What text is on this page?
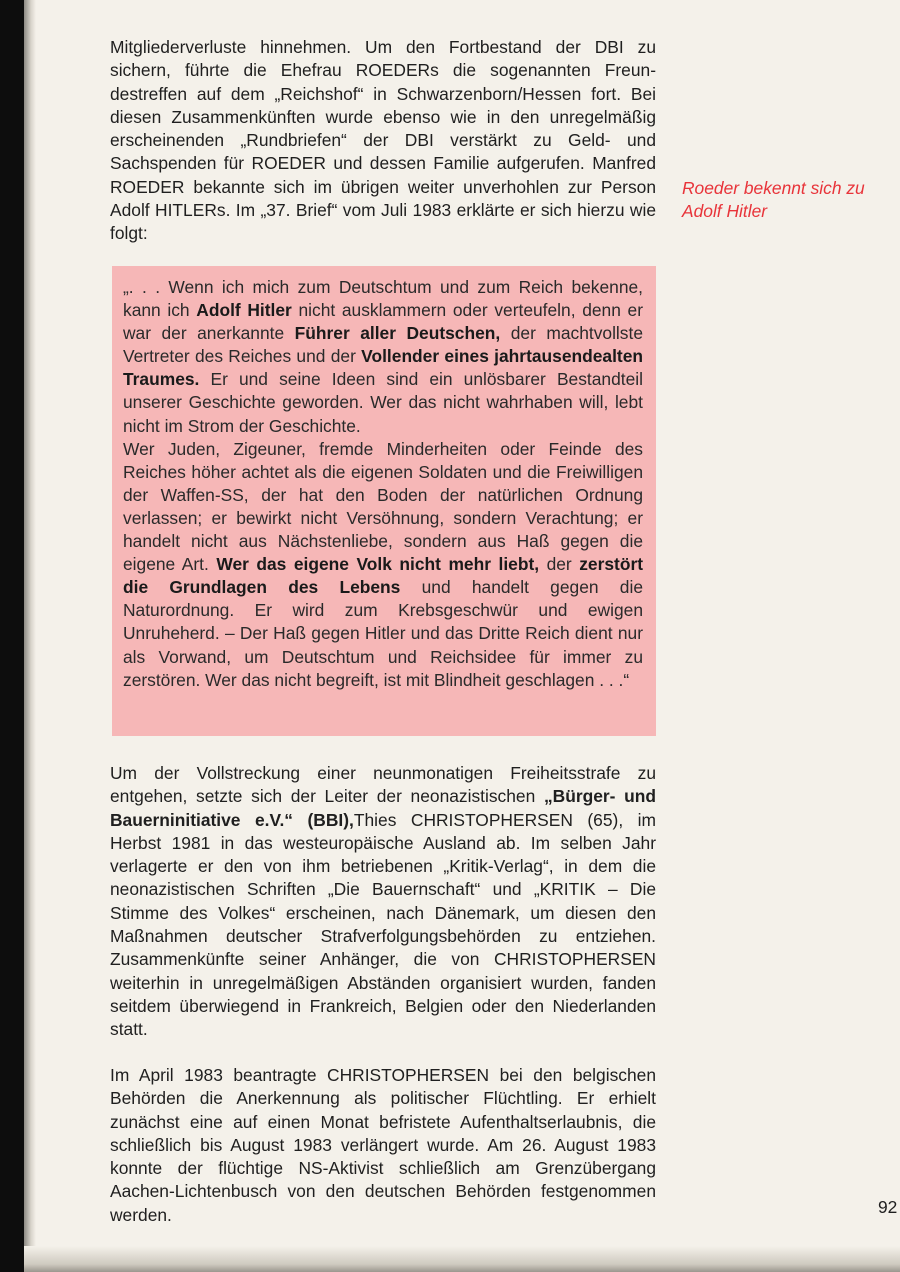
Mitgliederverluste hinnehmen. Um den Fortbestand der DBI zu sichern, führte die Ehefrau ROEDERs die sogenannten Freundestreffen auf dem „Reichshof“ in Schwarzenborn/Hessen fort. Bei diesen Zusammenkünften wurde ebenso wie in den unregelmäßig erscheinenden „Rundbriefen“ der DBI verstärkt zu Geld- und Sachspenden für ROEDER und dessen Familie aufgerufen. Manfred ROEDER bekannte sich im übrigen weiter unverhohlen zur Person Adolf HITLERs. Im „37. Brief“ vom Juli 1983 erklärte er sich hierzu wie folgt:

Roeder bekennt sich zu Adolf Hitler

„. . . Wenn ich mich zum Deutschtum und zum Reich bekenne, kann ich Adolf Hitler nicht ausklammern oder verteufeln, denn er war der anerkannte Führer aller Deutschen, der machtvollste Vertreter des Reiches und der Vollender eines jahrtausendealten Traumes. Er und seine Ideen sind ein unlösbarer Bestandteil unserer Geschichte geworden. Wer das nicht wahrhaben will, lebt nicht im Strom der Geschichte.
Wer Juden, Zigeuner, fremde Minderheiten oder Feinde des Reiches höher achtet als die eigenen Soldaten und die Freiwilligen der Waffen-SS, der hat den Boden der natürlichen Ordnung verlassen; er bewirkt nicht Versöhnung, sondern Verachtung; er handelt nicht aus Nächstenliebe, sondern aus Haß gegen die eigene Art. Wer das eigene Volk nicht mehr liebt, der zerstört die Grundlagen des Lebens und handelt gegen die Naturordnung. Er wird zum Krebsgeschwür und ewigen Unruheherd. – Der Haß gegen Hitler und das Dritte Reich dient nur als Vorwand, um Deutschtum und Reichsidee für immer zu zerstören. Wer das nicht begreift, ist mit Blindheit geschlagen . . .“

Um der Vollstreckung einer neunmonatigen Freiheitsstrafe zu entgehen, setzte sich der Leiter der neonazistischen „Bürger- und Bauerninitiative e.V.“ (BBI),Thies CHRISTOPHERSEN (65), im Herbst 1981 in das westeuropäische Ausland ab. Im selben Jahr verlagerte er den von ihm betriebenen „Kritik-Verlag“, in dem die neonazistischen Schriften „Die Bauernschaft“ und „KRITIK – Die Stimme des Volkes“ erscheinen, nach Dänemark, um diesen den Maßnahmen deutscher Strafverfolgungsbehörden zu entziehen. Zusammenkünfte seiner Anhänger, die von CHRISTOPHERSEN weiterhin in unregelmäßigen Abständen organisiert wurden, fanden seitdem überwiegend in Frankreich, Belgien oder den Niederlanden statt.

Im April 1983 beantragte CHRISTOPHERSEN bei den belgischen Behörden die Anerkennung als politischer Flüchtling. Er erhielt zunächst eine auf einen Monat befristete Aufenthaltserlaubnis, die schließlich bis August 1983 verlängert wurde. Am 26. August 1983 konnte der flüchtige NS-Aktivist schließlich am Grenzübergang Aachen-Lichtenbusch von den deutschen Behörden festgenommen werden.	92
